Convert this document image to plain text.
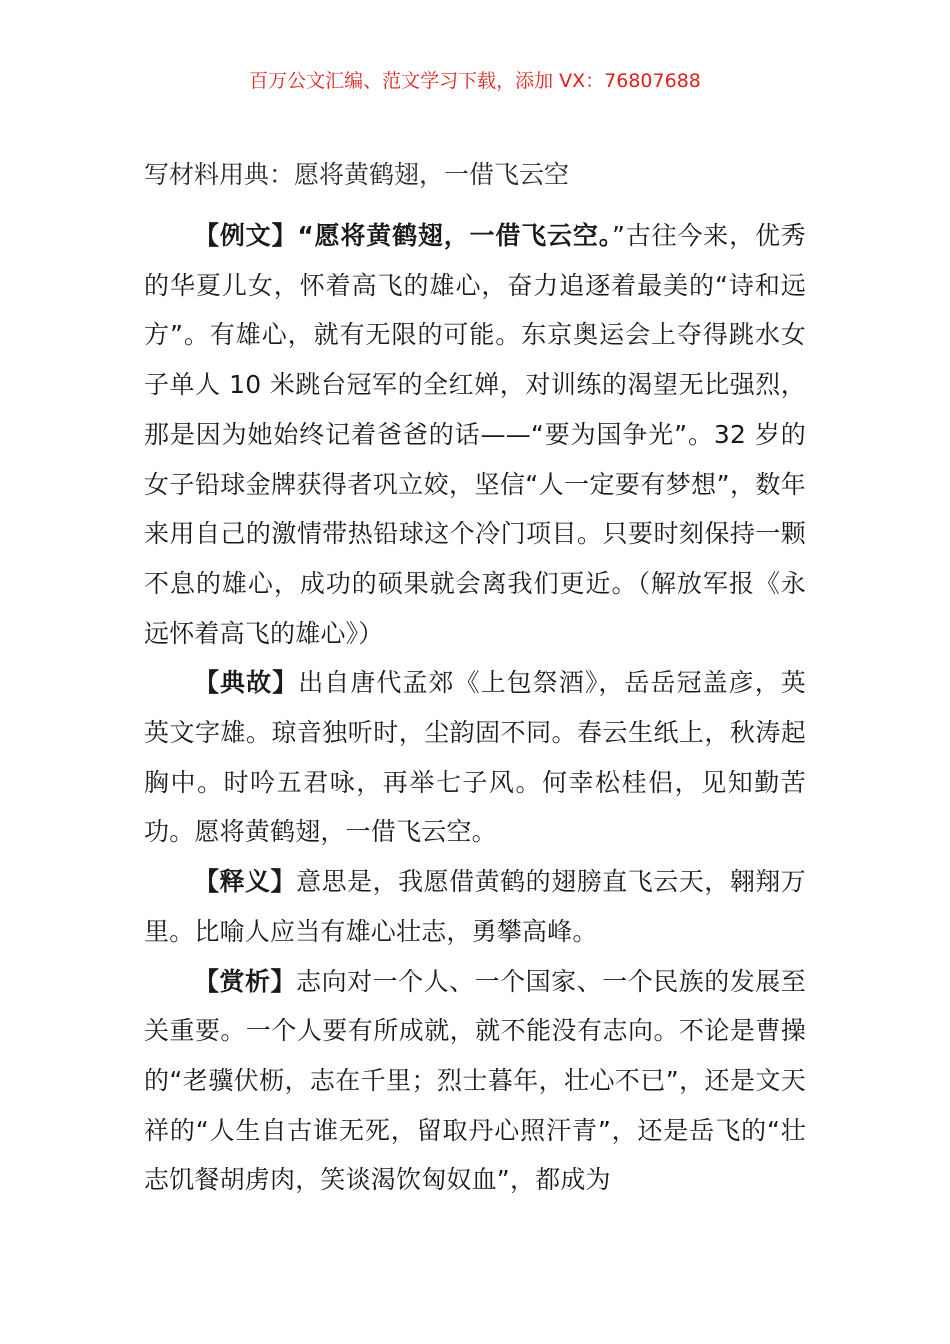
百万公文汇编、范文学习下载，添加 VX：76807688
写材料用典：愿将黄鹤翅，一借飞云空

【例文】“愿将黄鹤翅，一借飞云空。”古往今来，优秀的华夏儿女，怀着高飞的雄心，奋力追逐着最美的“诗和远方”。有雄心，就有无限的可能。东京奥运会上夺得跳水女子单人 10 米跳台冠军的全红婵，对训练的渴望无比强烈，那是因为她始终记着爸爸的话——“要为国争光”。32 岁的女子铅球金牌获得者巩立姣，坚信“人一定要有梦想”，数年来用自己的激情带热铅球这个冷门项目。只要时刻保持一颗不息的雄心，成功的硕果就会离我们更近。（解放军报《永远怀着高飞的雄心》）

【典故】出自唐代孟郊《上包祭酒》，岳岳冠盖彦，英英文字雄。琼音独听时，尘韵固不同。春云生纸上，秋涛起胸中。时吟五君咏，再举七子风。何幸松桂侣，见知勤苦功。愿将黄鹤翅，一借飞云空。

【释义】意思是，我愿借黄鹤的翅膀直飞云天，翱翔万里。比喻人应当有雄心壮志，勇攀高峰。

【赏析】志向对一个人、一个国家、一个民族的发展至关重要。一个人要有所成就，就不能没有志向。不论是曹操的“老骥伏枥，志在千里；烈士暮年，壮心不已”，还是文天祥的“人生自古谁无死，留取丹心照汗青”，还是岳飞的“壮志饥餐胡虏肉，笑谈渴饮匈奴血”，都成为
